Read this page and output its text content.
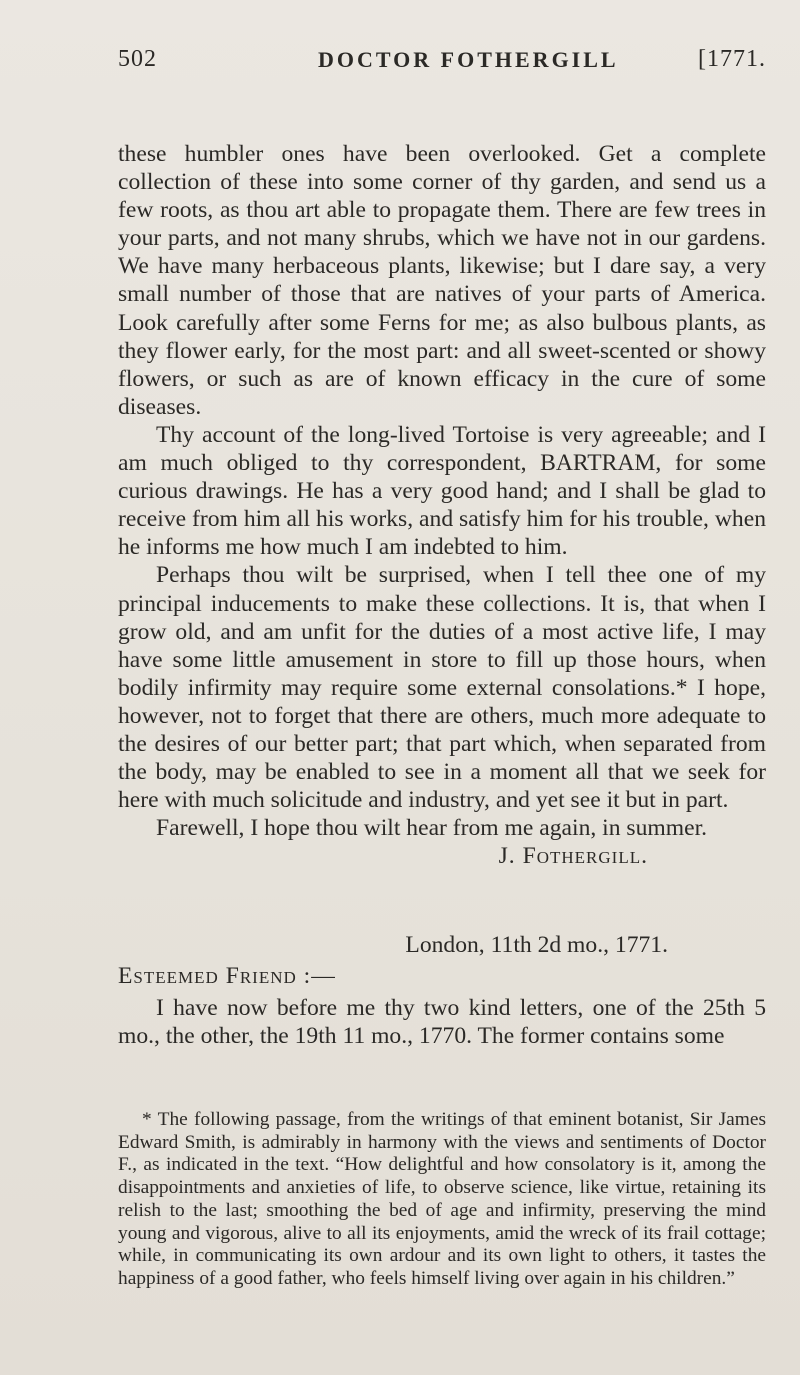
502	DOCTOR FOTHERGILL	[1771.

these humbler ones have been overlooked. Get a complete collection of these into some corner of thy garden, and send us a few roots, as thou art able to propagate them. There are few trees in your parts, and not many shrubs, which we have not in our gardens. We have many herbaceous plants, likewise; but I dare say, a very small number of those that are natives of your parts of America. Look carefully after some Ferns for me; as also bulbous plants, as they flower early, for the most part: and all sweet-scented or showy flowers, or such as are of known efficacy in the cure of some diseases.

Thy account of the long-lived Tortoise is very agreeable; and I am much obliged to thy correspondent, BARTRAM, for some curious drawings. He has a very good hand; and I shall be glad to receive from him all his works, and satisfy him for his trouble, when he informs me how much I am indebted to him.

Perhaps thou wilt be surprised, when I tell thee one of my principal inducements to make these collections. It is, that when I grow old, and am unfit for the duties of a most active life, I may have some little amusement in store to fill up those hours, when bodily infirmity may require some external consolations.* I hope, however, not to forget that there are others, much more adequate to the desires of our better part; that part which, when separated from the body, may be enabled to see in a moment all that we seek for here with much solicitude and industry, and yet see it but in part.

Farewell, I hope thou wilt hear from me again, in summer.

J. Fothergill.

London, 11th 2d mo., 1771.
Esteemed Friend :—

I have now before me thy two kind letters, one of the 25th 5 mo., the other, the 19th 11 mo., 1770. The former contains some

* The following passage, from the writings of that eminent botanist, Sir James Edward Smith, is admirably in harmony with the views and sentiments of Doctor F., as indicated in the text. “How delightful and how consolatory is it, among the disappointments and anxieties of life, to observe science, like virtue, retaining its relish to the last; smoothing the bed of age and infirmity, preserving the mind young and vigorous, alive to all its enjoyments, amid the wreck of its frail cottage; while, in communicating its own ardour and its own light to others, it tastes the happiness of a good father, who feels himself living over again in his children.”
